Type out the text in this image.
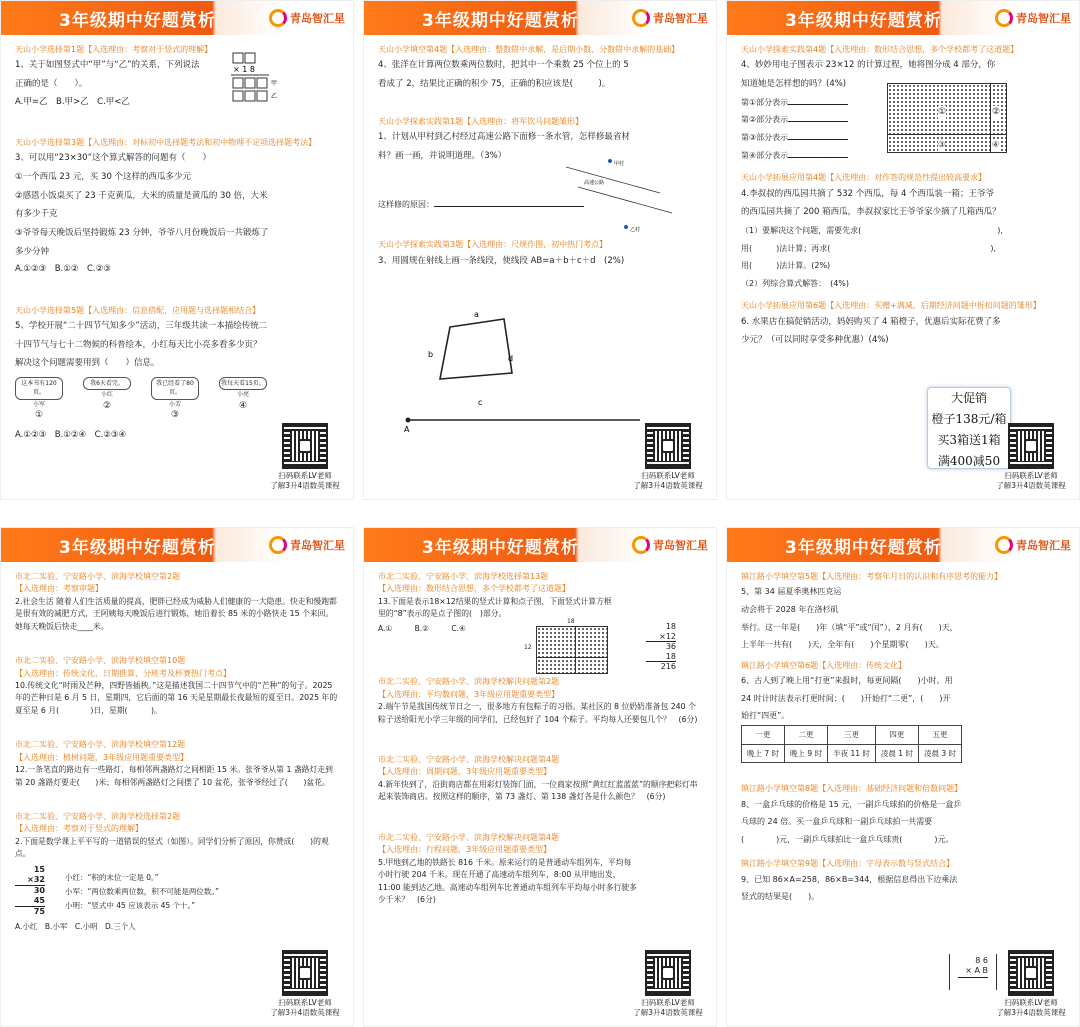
3年级期中好题赏析	青岛智汇星
天山小学选择第1题【入选理由：考察对于竖式的理解】
1、关于如图竖式中“甲”与“乙”的关系，下列说法
正确的是（　　）。
A.甲=乙　B.甲>乙　C.甲<乙
× 1 8
甲
乙
天山小学选择第3题【入选理由：对标初中选择题考法和初中物理不定项选择题考法】
3、可以用“23×30”这个算式解答的问题有（　　）
①一个西瓜 23 元，买 30 个这样的西瓜多少元
②感恩小饭桌买了 23 千克黄瓜，大米的质量是黄瓜的 30 倍，大米
有多少千克
③爷爷每天晚饭后坚持锻炼 23 分钟，爷爷八月份晚饭后一共锻炼了
多少分钟
A.①②③　B.①②　C.②③
天山小学选择第5题【入选理由：信息搭配，应用题与选择题相结合】
5、学校开展“二十四节气知多少”活动，三年级共读一本描绘传统二
十四节气与七十二物候的科普绘本，小红每天比小亮多看多少页？
解决这个问题需要用到（　　）信息。
这本书有120页。
小军
①
我6天看完。
小红
②
我已经看了80页。
小芳
③
我每天看15页。
小亮
④
A.①②③　B.①②④　C.②③④
扫码联系LV老师
了解3升4语数英课程
3年级期中好题赏析	青岛智汇星
天山小学填空第4题【入选理由：整数错中求解，是后期小数、分数错中求解的基础】
4、张洋在计算两位数乘两位数时，把其中一个乘数 25 个位上的 5
看成了 2，结果比正确的积少 75，正确的积应该是(　　　)。
天山小学探索实践第1题【入选理由：将军饮马问题雏形】
1、计划从甲村到乙村经过高速公路下面修一条水管，怎样修最省材
料？画一画，并说明道理。（3%）
甲村
乙村
高速公路
这样修的原因：
天山小学探索实践第3题【入选理由：尺规作图，初中热门考点】
3、用圆规在射线上画一条线段，使线段 AB=a＋b＋c＋d　(2%)
a
b
c
d
A
扫码联系LV老师
了解3升4语数英课程
3年级期中好题赏析	青岛智汇星
天山小学探索实践第4题【入选理由：数形结合思想，多个学校都考了这道题】
4、妙妙用电子图表示 23×12 的计算过程，她将图分成 4 部分，你
知道她是怎样想的吗？(4%)
第①部分表示
第②部分表示
第③部分表示
第④部分表示
①	②
③	④
天山小学拓展应用第4题【入选理由：对作答的规范性提出较高要求】
4.李叔叔的西瓜园共摘了 532 个西瓜，每 4 个西瓜装一箱；王爷爷
的西瓜园共摘了 200 箱西瓜，李叔叔家比王爷爷家少摘了几箱西瓜？
（1）要解决这个问题，需要先求(　　　　　　　　　　　　　　　　　),
用(　　　)法计算；再求(　　　　　　　　　　　　　　　　　　　　),
用(　　　)法计算。(2%)
（2）列综合算式解答：　(4%)
天山小学拓展应用第6题【入选理由：买赠+满减，后期经济问题中折扣问题的雏形】
6. 水果店在搞促销活动，妈妈购买了 4 箱橙子，优惠后实际花费了多
少元？（可以同时享受多种优惠）(4%)
大促销
橙子138元/箱
买3箱送1箱
满400减50
扫码联系LV老师
了解3升4语数英课程
3年级期中好题赏析	青岛智汇星
市北二实验、宁安路小学、滨海学校填空第2题
【入选理由：考察审题】
2.社会生活 随着人们生活质量的提高，肥胖已经成为威胁人们健康的一大隐患。快走和慢跑都是很有效的减肥方式，王阿姨每天晚饭后进行锻炼，她沿着长 85 米的小路快走 15 个来回。她每天晚饭后快走____米。
市北二实验、宁安路小学、滨海学校填空第10题
【入选理由：传统文化，日期推算，分班考及杯赛热门考点】
10.传统文化“时雨及芒种，四野皆插秧。”这是描述我国二十四节气中的“芒种”的句子。2025 年的芒种日是 6 月 5 日，星期四，它后面的第 16 天是星期最长夜最短的夏至日。2025 年的夏至是 6 月(　　　　)日，星期(　　　)。
市北二实验、宁安路小学、滨海学校填空第12题
【入选理由：植树问题，3年级应用题重要类型】
12.一条笔直的路边有一些路灯，每相邻两盏路灯之间相距 15 米。张爷爷从第 1 盏路灯走到第 20 盏路灯要走(　　)米；每相邻两盏路灯之间摆了 10 盆花，张爷爷经过了(　　)盆花。
市北二实验、宁安路小学、滨海学校选择第2题
【入选理由：考察对于竖式的理解】
2.下面是数学课上平平写的一道错误的竖式（如图）。同学们分析了原因，你赞成(　　)的观点。
15
×32
30
45
75
小红：“积的末位一定是 0。”
小军：“两位数乘两位数，积不可能是两位数。”
小明：“竖式中 45 应该表示 45 个十。”
A.小红　B.小军　C.小明　D.三个人
扫码联系LV老师
了解3升4语数英课程
3年级期中好题赏析	青岛智汇星
市北二实验、宁安路小学、滨海学校选择第13题
【入选理由：数形结合思想，多个学校都考了这道题】
13.下面是表示18×12结果的竖式计算和点子图，下面竖式计算方框里的“8”表示的是点子图的(　)部分。
A.①　　　B.②　　　C.④
12
18
18
×12
36
18
216
市北二实验、宁安路小学、滨海学校解决问题第2题
【入选理由：平均数问题，3年级应用题重要类型】
2.端午节是我国传统节日之一，很多地方有包粽子的习俗。某社区的 8 位奶奶准备包 240 个粽子送给阳光小学三年级的同学们，已经包好了 104 个粽子。平均每人还要包几个？　(6分)
市北二实验、宁安路小学、滨海学校解决问题第4题
【入选理由：周期问题，3年级应用题重要类型】
4.新年快到了，沿街商店都在用彩灯装饰门面，一位商家按照“黄红红蓝蓝蓝”的顺序把彩灯串起来装饰商店。按照这样的顺序，第 73 盏灯、第 138 盏灯各是什么颜色？　(6分)
市北二实验、宁安路小学、滨海学校解决问题第4题
【入选理由：行程问题，3年级应用题重要类型】
5.甲地到乙地的铁路长 816 千米。原来运行的是普通动车组列车，平均每小时行驶 204 千米。现在开通了高速动车组列车，8:00 从甲地出发，11:00 能到达乙地。高速动车组列车比普通动车组列车平均每小时多行驶多少千米？　(6分)
扫码联系LV老师
了解3升4语数英课程
3年级期中好题赏析	青岛智汇星
镇江路小学填空第5题【入选理由：考察年月日的认识和有序思考的能力】
5、第 34 届夏季奥林匹克运
动会将于 2028 年在洛杉矶
举行。这一年是(　　)年（填“平”或“闰”），2 月有(　　)天，
上半年一共有(　　)天，全年有(　　)个星期零(　　)天。
镇江路小学填空第6题【入选理由：传统文化】
6、古人到了晚上用“打更”来报时，每更间隔(　　)小时。用
24 时计时法表示打更时间：(　　)开始打“二更”，(　　)开
始打“四更”。
一更	二更	三更	四更	五更
晚上 7 时	晚上 9 时	半夜 11 时	凌晨 1 时	凌晨 3 时
镇江路小学填空第8题【入选理由：基础经济问题和倍数问题】
8、一盒乒乓球的价格是 15 元，一副乒乓球拍的价格是一盒乒
乓球的 24 倍。买一盒乒乓球和一副乒乓球拍一共需要
(　　　　)元，一副乒乓球拍比一盒乒乓球贵(　　　　)元。
镇江路小学填空第9题【入选理由：字母表示数与竖式结合】
9、已知 86×A=258，86×B=344，根据信息得出下边乘法
竖式的结果是(　　)。
8 6
× A B
扫码联系LV老师
了解3升4语数英课程
